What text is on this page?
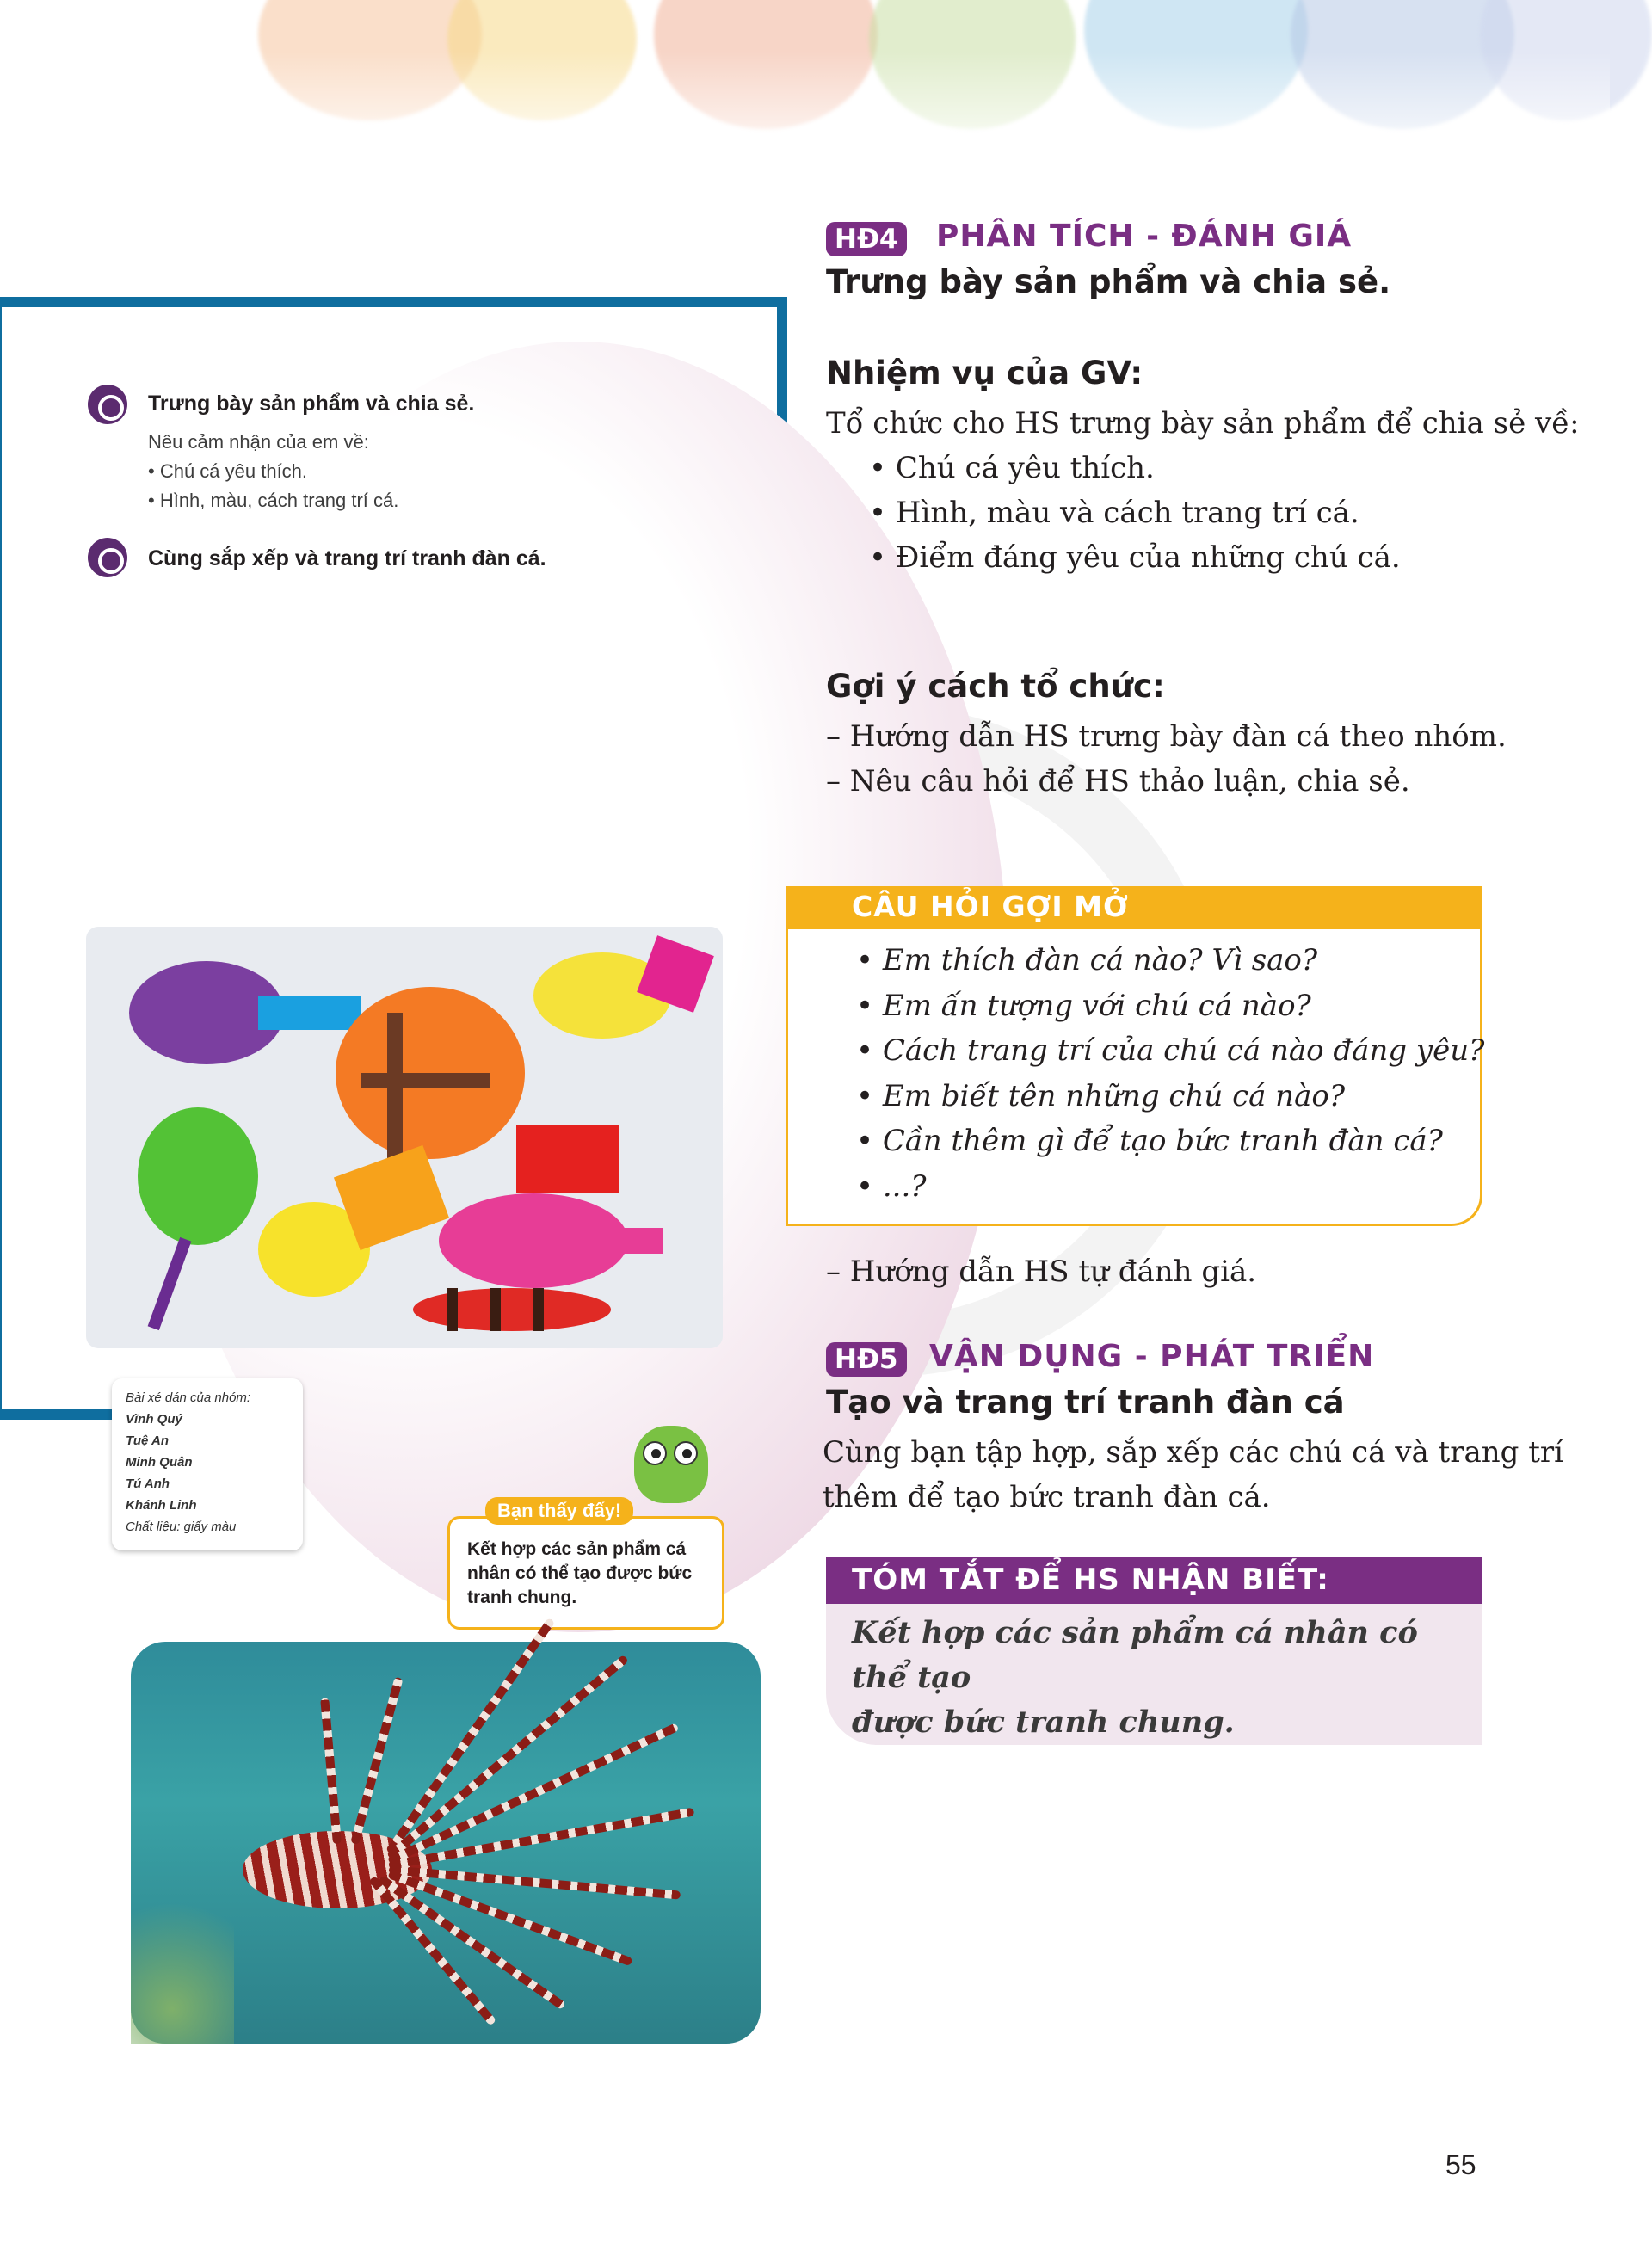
Trưng bày sản phẩm và chia sẻ.
Nêu cảm nhận của em về:
• Chú cá yêu thích.
• Hình, màu, cách trang trí cá.
Cùng sắp xếp và trang trí tranh đàn cá.
Bài xé dán của nhóm:
Vĩnh Quý
Tuệ An
Minh Quân
Tú Anh
Khánh Linh
Chất liệu: giấy màu
Kết hợp các sản phẩm cá nhân có thể tạo được bức tranh chung.
Bạn thấy đấy!
HĐ4 PHÂN TÍCH - ĐÁNH GIÁ
Trưng bày sản phẩm và chia sẻ.
Nhiệm vụ của GV:
Tổ chức cho HS trưng bày sản phẩm để chia sẻ về:
• Chú cá yêu thích.
• Hình, màu và cách trang trí cá.
• Điểm đáng yêu của những chú cá.
Gợi ý cách tổ chức:
– Hướng dẫn HS trưng bày đàn cá theo nhóm.
– Nêu câu hỏi để HS thảo luận, chia sẻ.
CÂU HỎI GỢI MỞ
• Em thích đàn cá nào? Vì sao?
• Em ấn tượng với chú cá nào?
• Cách trang trí của chú cá nào đáng yêu?
• Em biết tên những chú cá nào?
• Cần thêm gì để tạo bức tranh đàn cá?
• ...?
– Hướng dẫn HS tự đánh giá.
HĐ5 VẬN DỤNG - PHÁT TRIỂN
Tạo và trang trí tranh đàn cá
Cùng bạn tập hợp, sắp xếp các chú cá và trang trí
thêm để tạo bức tranh đàn cá.
TÓM TẮT ĐỂ HS NHẬN BIẾT:
Kết hợp các sản phẩm cá nhân có thể tạo
được bức tranh chung.
55
